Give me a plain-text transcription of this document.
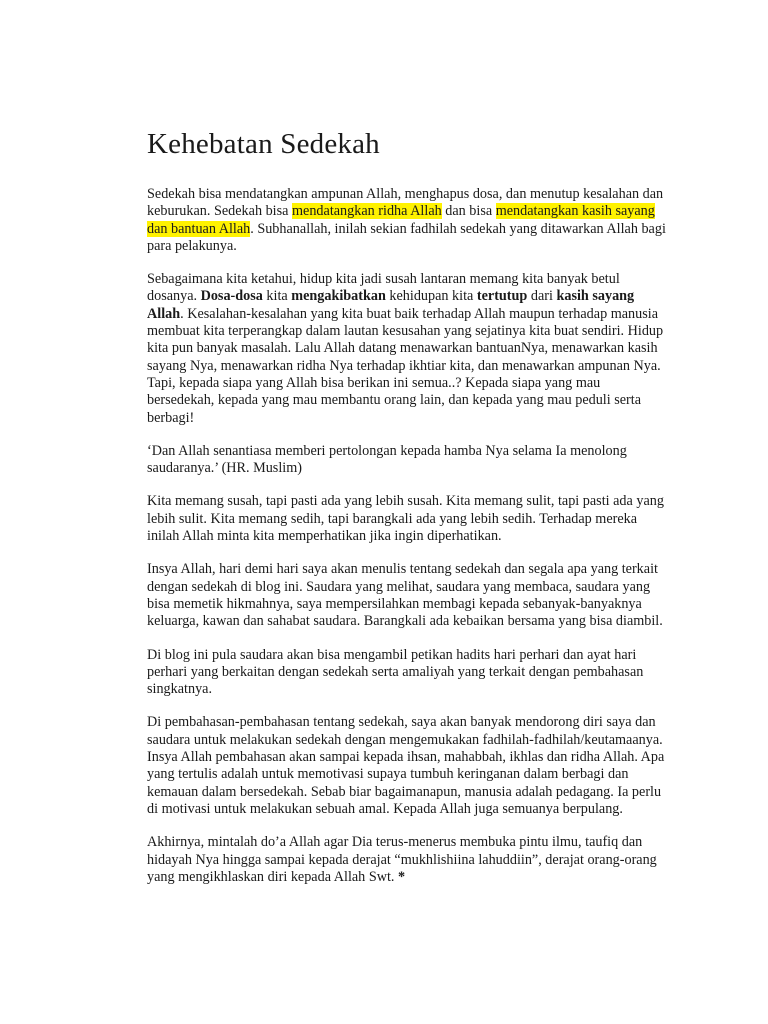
Kehebatan Sedekah

Sedekah bisa mendatangkan ampunan Allah, menghapus dosa, dan menutup kesalahan dan keburukan. Sedekah bisa mendatangkan ridha Allah dan bisa mendatangkan kasih sayang dan bantuan Allah. Subhanallah, inilah sekian fadhilah sedekah yang ditawarkan Allah bagi para pelakunya.

Sebagaimana kita ketahui, hidup kita jadi susah lantaran memang kita banyak betul dosanya. Dosa-dosa kita mengakibatkan kehidupan kita tertutup dari kasih sayang Allah. Kesalahan-kesalahan yang kita buat baik terhadap Allah maupun terhadap manusia membuat kita terperangkap dalam lautan kesusahan yang sejatinya kita buat sendiri. Hidup kita pun banyak masalah. Lalu Allah datang menawarkan bantuanNya, menawarkan kasih sayang Nya, menawarkan ridha Nya terhadap ikhtiar kita, dan menawarkan ampunan Nya. Tapi, kepada siapa yang Allah bisa berikan ini semua..? Kepada siapa yang mau bersedekah, kepada yang mau membantu orang lain, dan kepada yang mau peduli serta berbagi!

‘Dan Allah senantiasa memberi pertolongan kepada hamba Nya selama Ia menolong saudaranya.’ (HR. Muslim)

Kita memang susah, tapi pasti ada yang lebih susah. Kita memang sulit, tapi pasti ada yang lebih sulit. Kita memang sedih, tapi barangkali ada yang lebih sedih. Terhadap mereka inilah Allah minta kita memperhatikan jika ingin diperhatikan.

Insya Allah, hari demi hari saya akan menulis tentang sedekah dan segala apa yang terkait dengan sedekah di blog ini. Saudara yang melihat, saudara yang membaca, saudara yang bisa memetik hikmahnya, saya mempersilahkan membagi kepada sebanyak-banyaknya keluarga, kawan dan sahabat saudara. Barangkali ada kebaikan bersama yang bisa diambil.

Di blog ini pula saudara akan bisa mengambil petikan hadits hari perhari dan ayat hari perhari yang berkaitan dengan sedekah serta amaliyah yang terkait dengan pembahasan singkatnya.

Di pembahasan-pembahasan tentang sedekah, saya akan banyak mendorong diri saya dan saudara untuk melakukan sedekah dengan mengemukakan fadhilah-fadhilah/keutamaanya. Insya Allah pembahasan akan sampai kepada ihsan, mahabbah, ikhlas dan ridha Allah. Apa yang tertulis adalah untuk memotivasi supaya tumbuh keringanan dalam berbagi dan kemauan dalam bersedekah. Sebab biar bagaimanapun, manusia adalah pedagang. Ia perlu di motivasi untuk melakukan sebuah amal. Kepada Allah juga semuanya berpulang.

Akhirnya, mintalah do’a Allah agar Dia terus-menerus membuka pintu ilmu, taufiq dan hidayah Nya hingga sampai kepada derajat “mukhlishiina lahuddiin”, derajat orang-orang yang mengikhlaskan diri kepada Allah Swt. *
